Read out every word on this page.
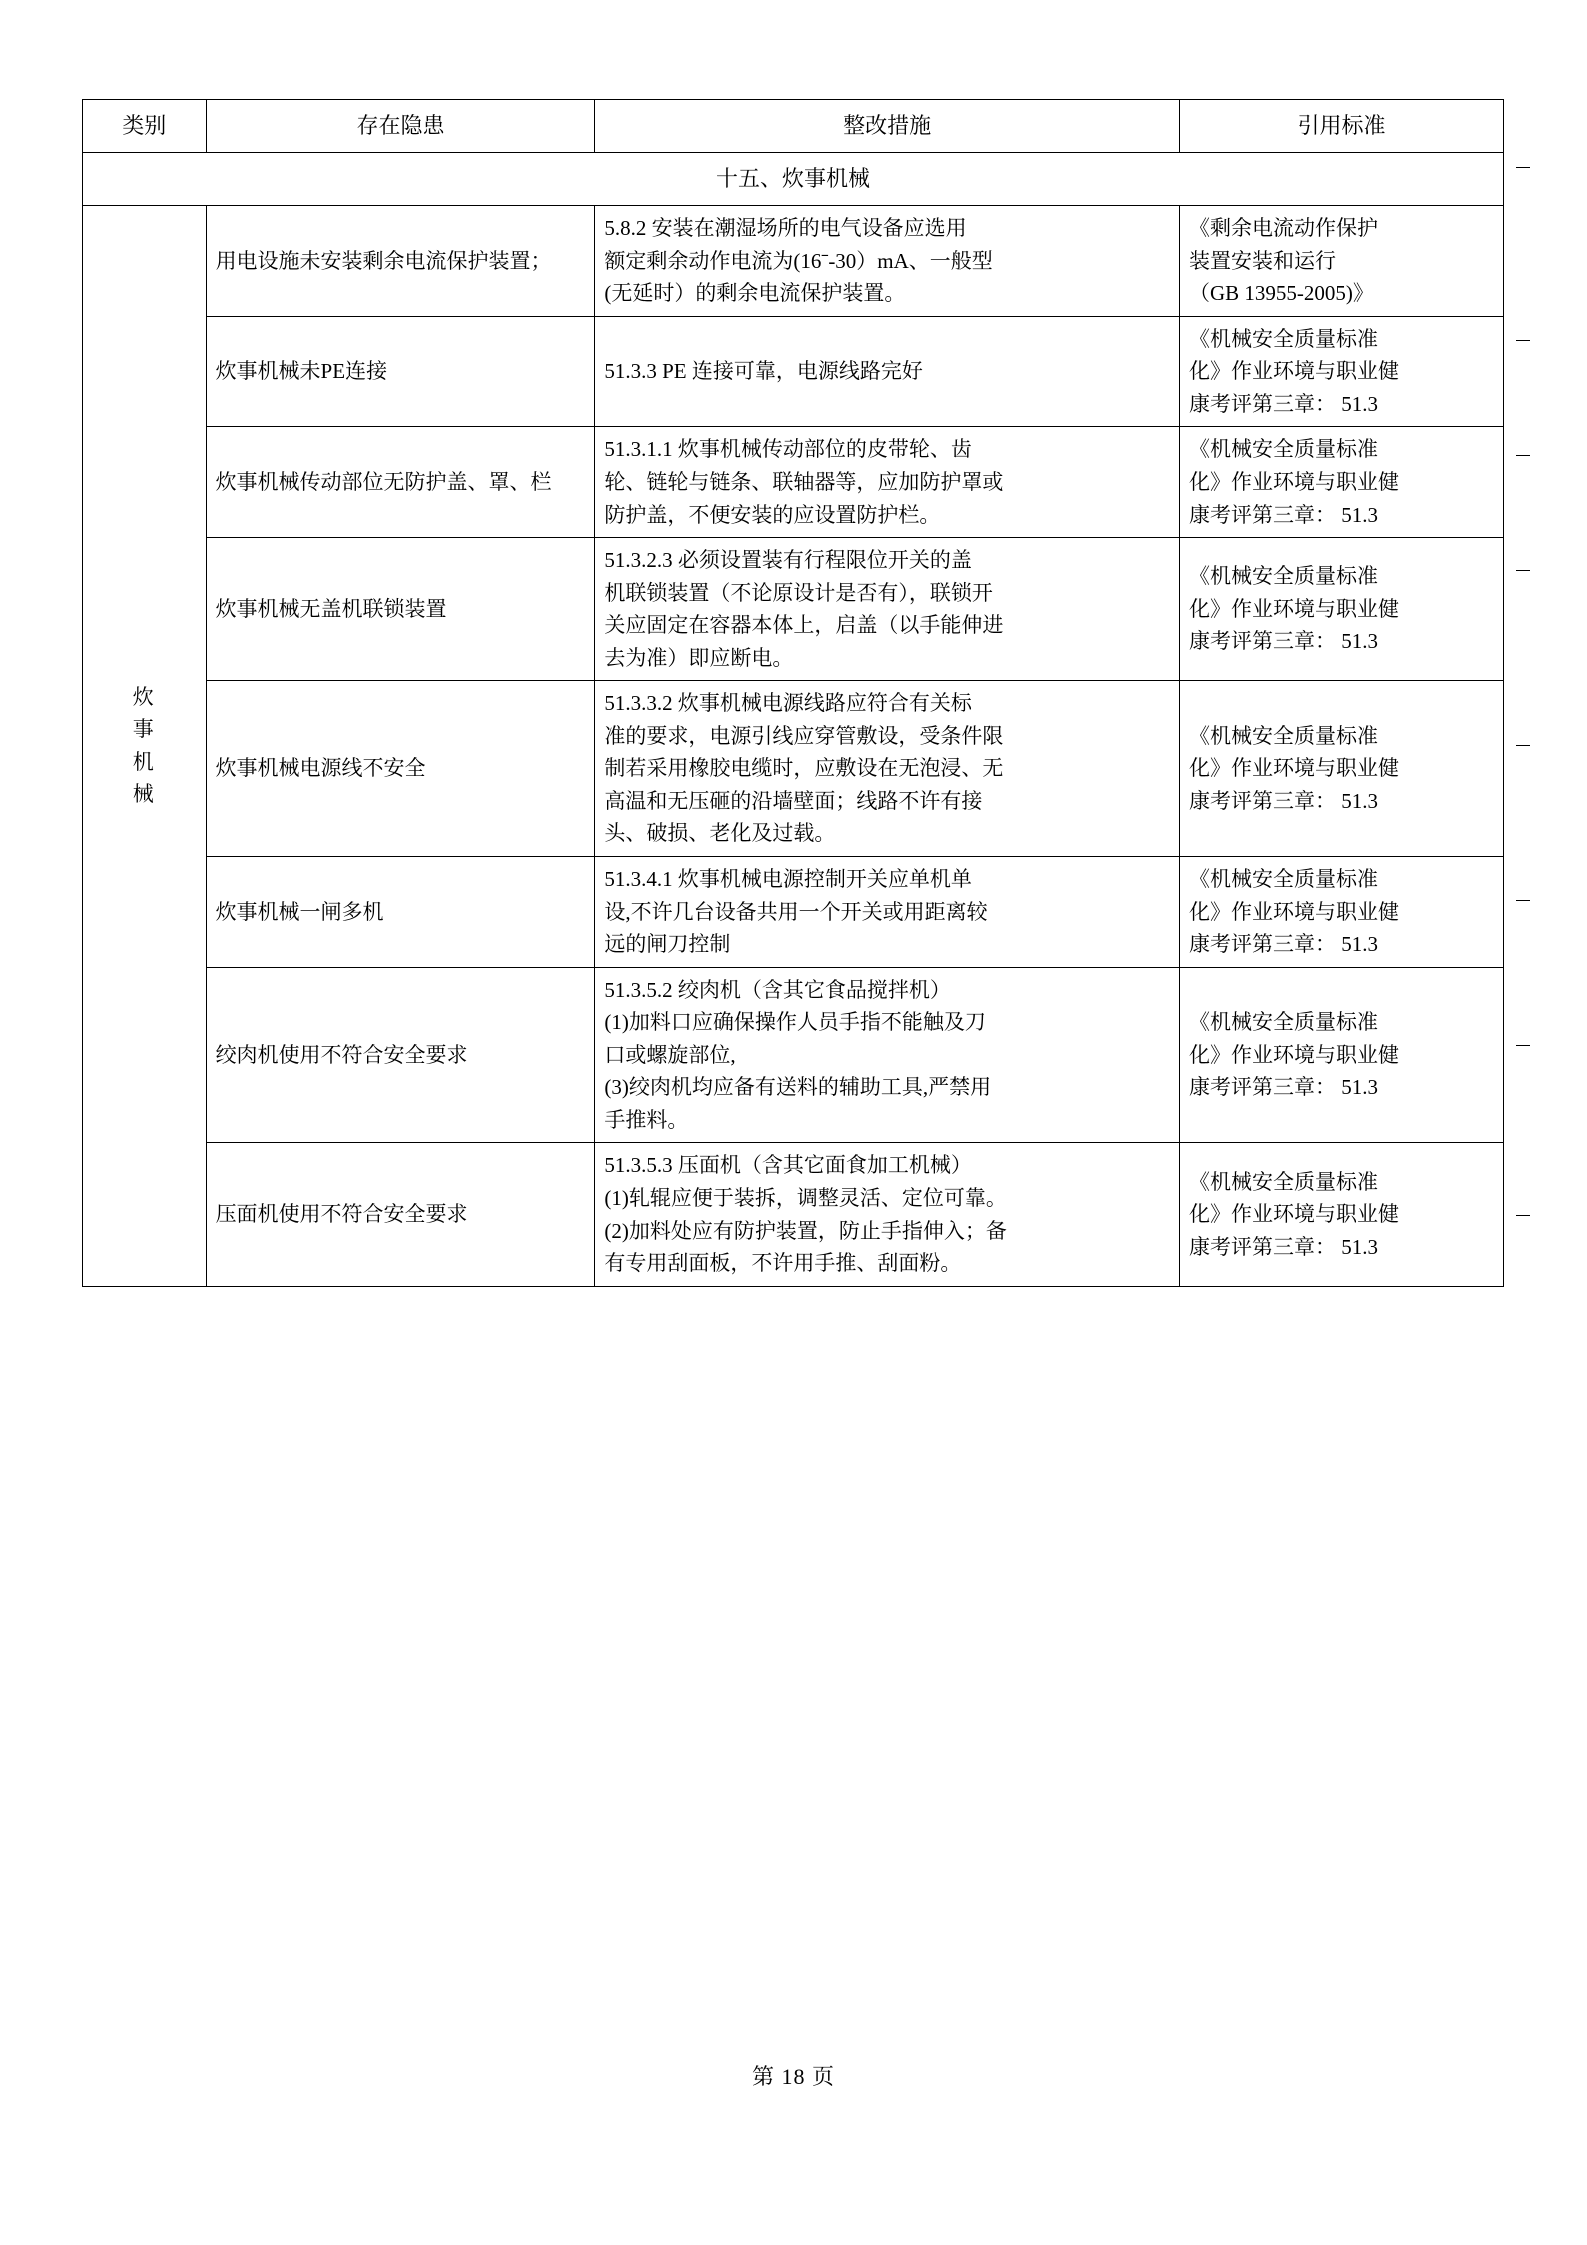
类别	存在隐患	整改措施	引用标准
十五、炊事机械			

炊
事
机
械	用电设施未安装剩余电流保护装置；	5.8.2 安装在潮湿场所的电气设备应选用
额定剩余动作电流为(16ˉ-30）mA、一般型
(无延时）的剩余电流保护装置。	《剩余电流动作保护
装置安装和运行
（GB 13955-2005)》

	炊事机械未PE连接	51.3.3 PE 连接可靠，电源线路完好	《机械安全质量标准
化》作业环境与职业健
康考评第三章： 51.3

	炊事机械传动部位无防护盖、罩、栏	51.3.1.1 炊事机械传动部位的皮带轮、齿
轮、链轮与链条、联轴器等，应加防护罩或
防护盖，不便安装的应设置防护栏。	《机械安全质量标准
化》作业环境与职业健
康考评第三章： 51.3

	炊事机械无盖机联锁装置	51.3.2.3 必须设置装有行程限位开关的盖
机联锁装置（不论原设计是否有），联锁开
关应固定在容器本体上，启盖（以手能伸进
去为准）即应断电。	《机械安全质量标准
化》作业环境与职业健
康考评第三章： 51.3

	炊事机械电源线不安全	51.3.3.2 炊事机械电源线路应符合有关标
准的要求，电源引线应穿管敷设，受条件限
制若采用橡胶电缆时，应敷设在无泡浸、无
高温和无压砸的沿墙壁面；线路不许有接
头、破损、老化及过载。	《机械安全质量标准
化》作业环境与职业健
康考评第三章： 51.3

	炊事机械一闸多机	51.3.4.1 炊事机械电源控制开关应单机单
设,不许几台设备共用一个开关或用距离较
远的闸刀控制	《机械安全质量标准
化》作业环境与职业健
康考评第三章： 51.3

	绞肉机使用不符合安全要求	51.3.5.2 绞肉机（含其它食品搅拌机）
(1)加料口应确保操作人员手指不能触及刀
口或螺旋部位,
(3)绞肉机均应备有送料的辅助工具,严禁用
手推料。	《机械安全质量标准
化》作业环境与职业健
康考评第三章： 51.3

	压面机使用不符合安全要求	51.3.5.3 压面机（含其它面食加工机械）
(1)轧辊应便于装拆，调整灵活、定位可靠。
(2)加料处应有防护装置，防止手指伸入；备
有专用刮面板，不许用手推、刮面粉。	《机械安全质量标准
化》作业环境与职业健
康考评第三章： 51.3
第 18 页
